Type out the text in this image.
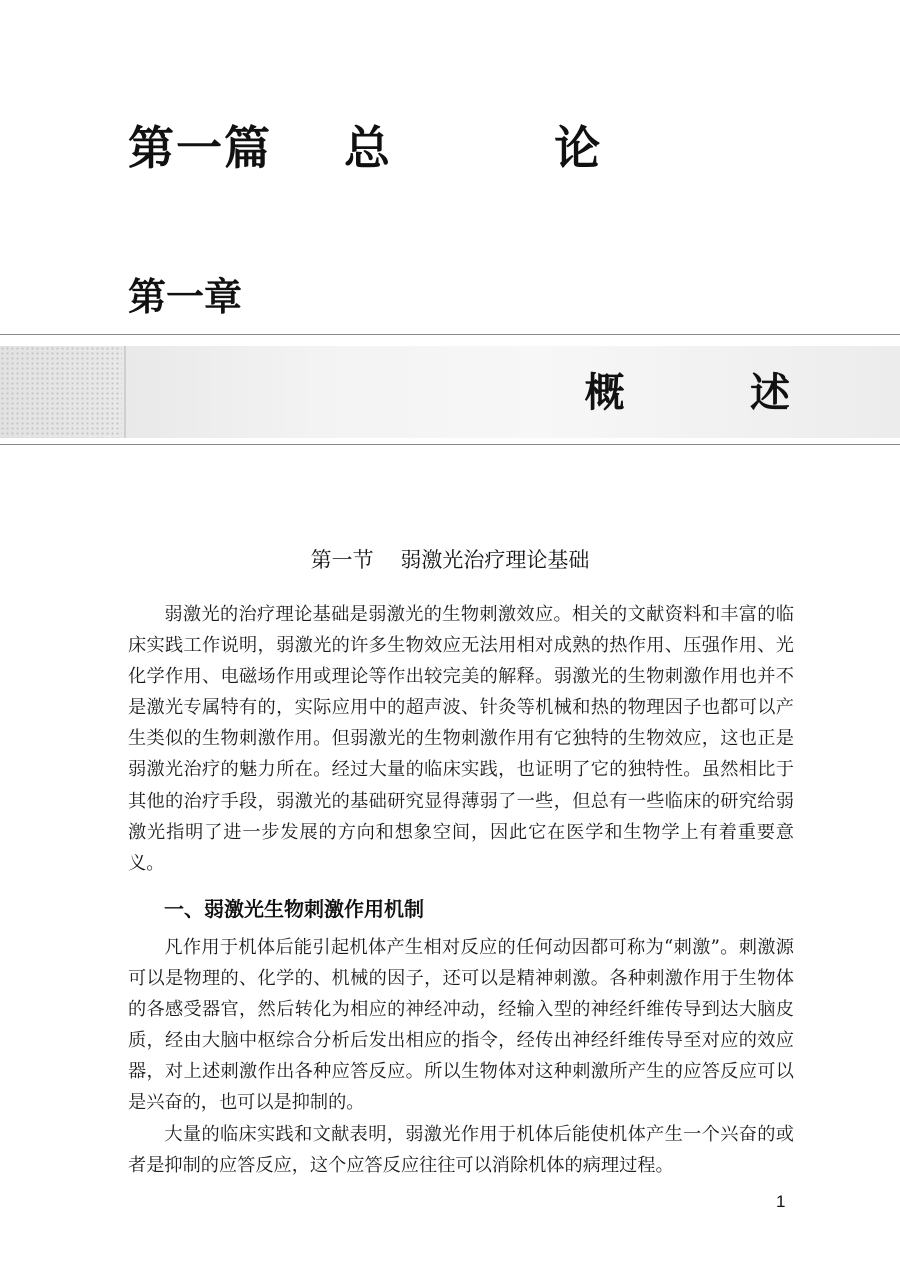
第一篇    总         论
第一章
概         述
第一节    弱激光治疗理论基础

弱激光的治疗理论基础是弱激光的生物刺激效应。相关的文献资料和丰富的临床实践工作说明，弱激光的许多生物效应无法用相对成熟的热作用、压强作用、光化学作用、电磁场作用或理论等作出较完美的解释。弱激光的生物刺激作用也并不是激光专属特有的，实际应用中的超声波、针灸等机械和热的物理因子也都可以产生类似的生物刺激作用。但弱激光的生物刺激作用有它独特的生物效应，这也正是弱激光治疗的魅力所在。经过大量的临床实践，也证明了它的独特性。虽然相比于其他的治疗手段，弱激光的基础研究显得薄弱了一些，但总有一些临床的研究给弱激光指明了进一步发展的方向和想象空间，因此它在医学和生物学上有着重要意义。

一、弱激光生物刺激作用机制

凡作用于机体后能引起机体产生相对反应的任何动因都可称为“刺激”。刺激源可以是物理的、化学的、机械的因子，还可以是精神刺激。各种刺激作用于生物体的各感受器官，然后转化为相应的神经冲动，经输入型的神经纤维传导到达大脑皮质，经由大脑中枢综合分析后发出相应的指令，经传出神经纤维传导至对应的效应器，对上述刺激作出各种应答反应。所以生物体对这种刺激所产生的应答反应可以是兴奋的，也可以是抑制的。

大量的临床实践和文献表明，弱激光作用于机体后能使机体产生一个兴奋的或者是抑制的应答反应，这个应答反应往往可以消除机体的病理过程。

1
